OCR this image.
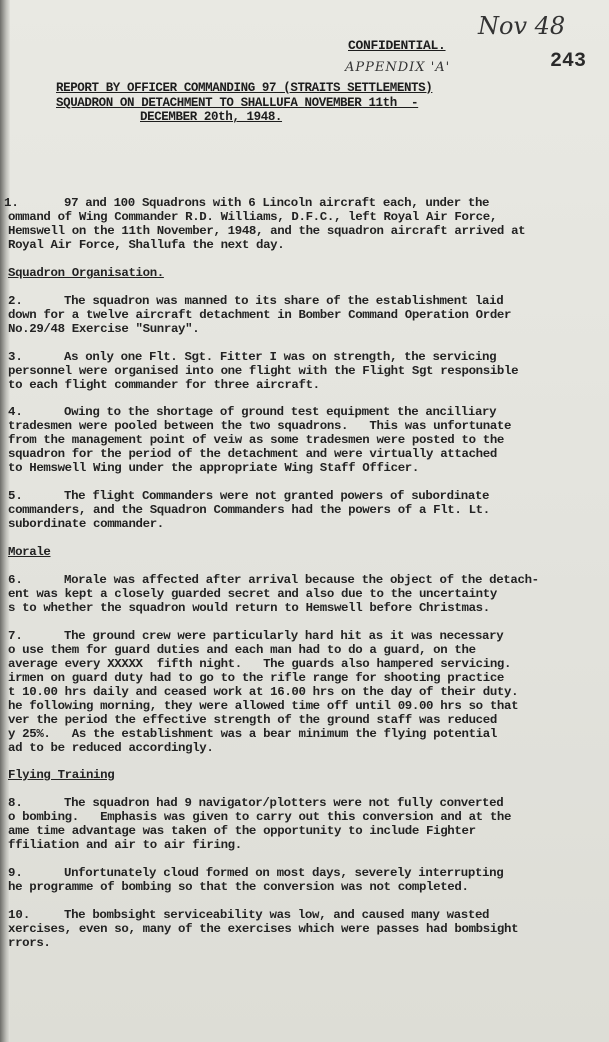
Nov 48
APPENDIX 'A'	243
CONFIDENTIAL.
REPORT BY OFFICER COMMANDING 97 (STRAITS SETTLEMENTS)
SQUADRON ON DETACHMENT TO SHALLUFA NOVEMBER 11th  -
DECEMBER 20th, 1948.
1.	97 and 100 Squadrons with 6 Lincoln aircraft each, under the
ommand of Wing Commander R.D. Williams, D.F.C., left Royal Air Force,
Hemswell on the 11th November, 1948, and the squadron aircraft arrived at
Royal Air Force, Shallufa the next day.
Squadron Organisation.
2.	The squadron was manned to its share of the establishment laid
down for a twelve aircraft detachment in Bomber Command Operation Order
No.29/48 Exercise "Sunray".
3.	As only one Flt. Sgt. Fitter I was on strength, the servicing
personnel were organised into one flight with the Flight Sgt responsible
to each flight commander for three aircraft.
4.	Owing to the shortage of ground test equipment the ancilliary
tradesmen were pooled between the two squadrons.   This was unfortunate
from the management point of veiw as some tradesmen were posted to the
squadron for the period of the detachment and were virtually attached
to Hemswell Wing under the appropriate Wing Staff Officer.
5.	The flight Commanders were not granted powers of subordinate
commanders, and the Squadron Commanders had the powers of a Flt. Lt.
subordinate commander.
Morale
6.	Morale was affected after arrival because the object of the detach-
ent was kept a closely guarded secret and also due to the uncertainty
s to whether the squadron would return to Hemswell before Christmas.
7.	The ground crew were particularly hard hit as it was necessary
o use them for guard duties and each man had to do a guard, on the
average every XXXXX  fifth night.   The guards also hampered servicing.
irmen on guard duty had to go to the rifle range for shooting practice
t 10.00 hrs daily and ceased work at 16.00 hrs on the day of their duty.
he following morning, they were allowed time off until 09.00 hrs so that
ver the period the effective strength of the ground staff was reduced
y 25%.   As the establishment was a bear minimum the flying potential
ad to be reduced accordingly.
Flying Training
8.	The squadron had 9 navigator/plotters were not fully converted
o bombing.   Emphasis was given to carry out this conversion and at the
ame time advantage was taken of the opportunity to include Fighter
ffiliation and air to air firing.
9.	Unfortunately cloud formed on most days, severely interrupting
he programme of bombing so that the conversion was not completed.
10.	The bombsight serviceability was low, and caused many wasted
xercises, even so, many of the exercises which were passes had bombsight
rrors.
